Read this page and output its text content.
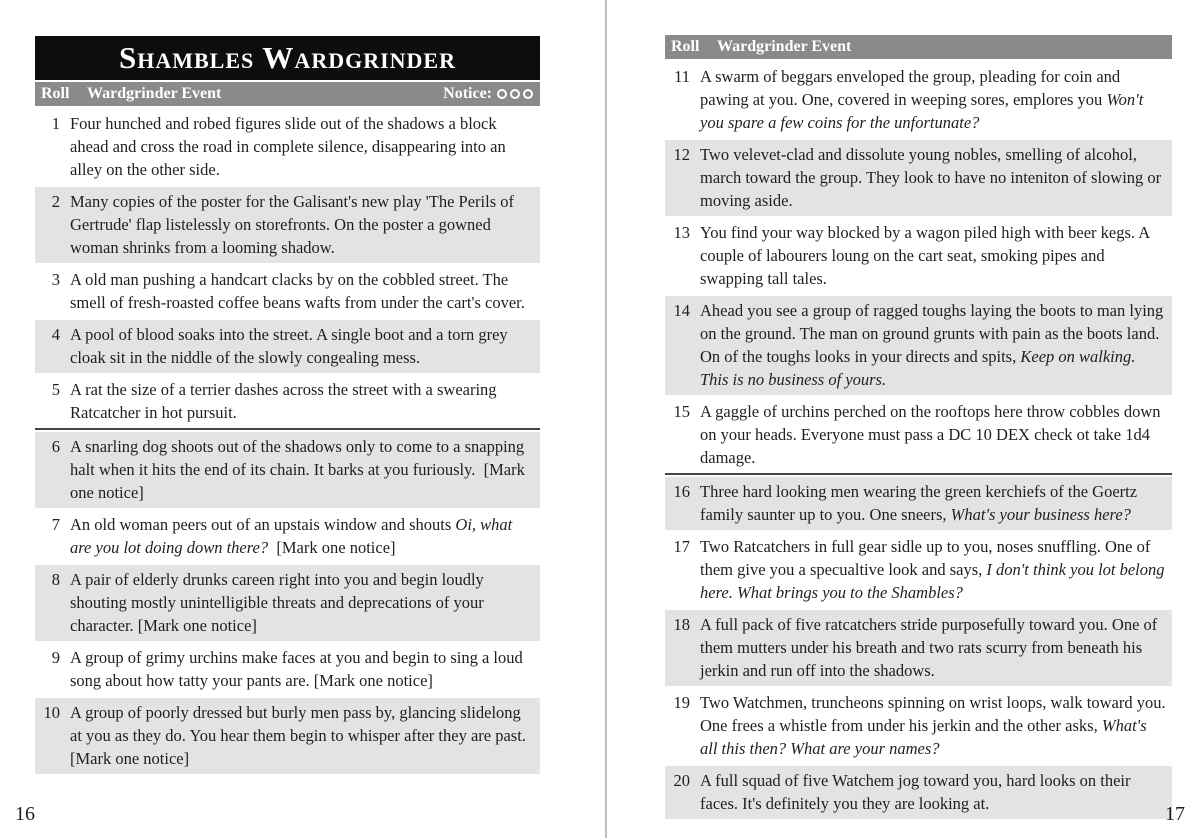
Shambles Wardgrinder
Roll	Wardgrinder Event	Notice:
1 Four hunched and robed figures slide out of the shadows a block ahead and cross the road in complete silence, disappearing into an alley on the other side.
2 Many copies of the poster for the Galisant's new play 'The Perils of Gertrude' flap listelessly on storefronts. On the poster a gowned woman shrinks from a looming shadow.
3 A old man pushing a handcart clacks by on the cobbled street. The smell of fresh-roasted coffee beans wafts from under the cart's cover.
4 A pool of blood soaks into the street. A single boot and a torn grey cloak sit in the niddle of the slowly congealing mess.
5 A rat the size of a terrier dashes across the street with a swearing Ratcatcher in hot pursuit.
6 A snarling dog shoots out of the shadows only to come to a snapping halt when it hits the end of its chain. It barks at you furiously.  [Mark one notice]
7 An old woman peers out of an upstais window and shouts Oi, what are you lot doing down there?  [Mark one notice]
8 A pair of elderly drunks careen right into you and begin loudly shouting mostly unintelligible threats and deprecations of your character. [Mark one notice]
9 A group of grimy urchins make faces at you and begin to sing a loud song about how tatty your pants are. [Mark one notice]
10 A group of poorly dressed but burly men pass by, glancing slidelong at you as they do. You hear them begin to whisper after they are past. [Mark one notice]
Roll	Wardgrinder Event
11 A swarm of beggars enveloped the group, pleading for coin and pawing at you. One, covered in weeping sores, emplores you Won't you spare a few coins for the unfortunate?
12 Two velevet-clad and dissolute young nobles, smelling of alcohol, march toward the group. They look to have no inteniton of slowing or moving aside.
13 You find your way blocked by a wagon piled high with beer kegs. A couple of labourers loung on the cart seat, smoking pipes and swapping tall tales.
14 Ahead you see a group of ragged toughs laying the boots to man lying on the ground. The man on ground grunts with pain as the boots land. On of the toughs looks in your directs and spits, Keep on walking. This is no business of yours.
15 A gaggle of urchins perched on the rooftops here throw cobbles down on your heads. Everyone must pass a DC 10 DEX check ot take 1d4 damage.
16 Three hard looking men wearing the green kerchiefs of the Goertz family saunter up to you. One sneers, What's your business here?
17 Two Ratcatchers in full gear sidle up to you, noses snuffling. One of them give you a specualtive look and says, I don't think you lot belong here. What brings you to the Shambles?
18 A full pack of five ratcatchers stride purposefully toward you. One of them mutters under his breath and two rats scurry from beneath his jerkin and run off into the shadows.
19 Two Watchmen, truncheons spinning on wrist loops, walk toward you. One frees a whistle from under his jerkin and the other asks, What's all this then? What are your names?
20 A full squad of five Watchem jog toward you, hard looks on their faces. It's definitely you they are looking at.
16	17
